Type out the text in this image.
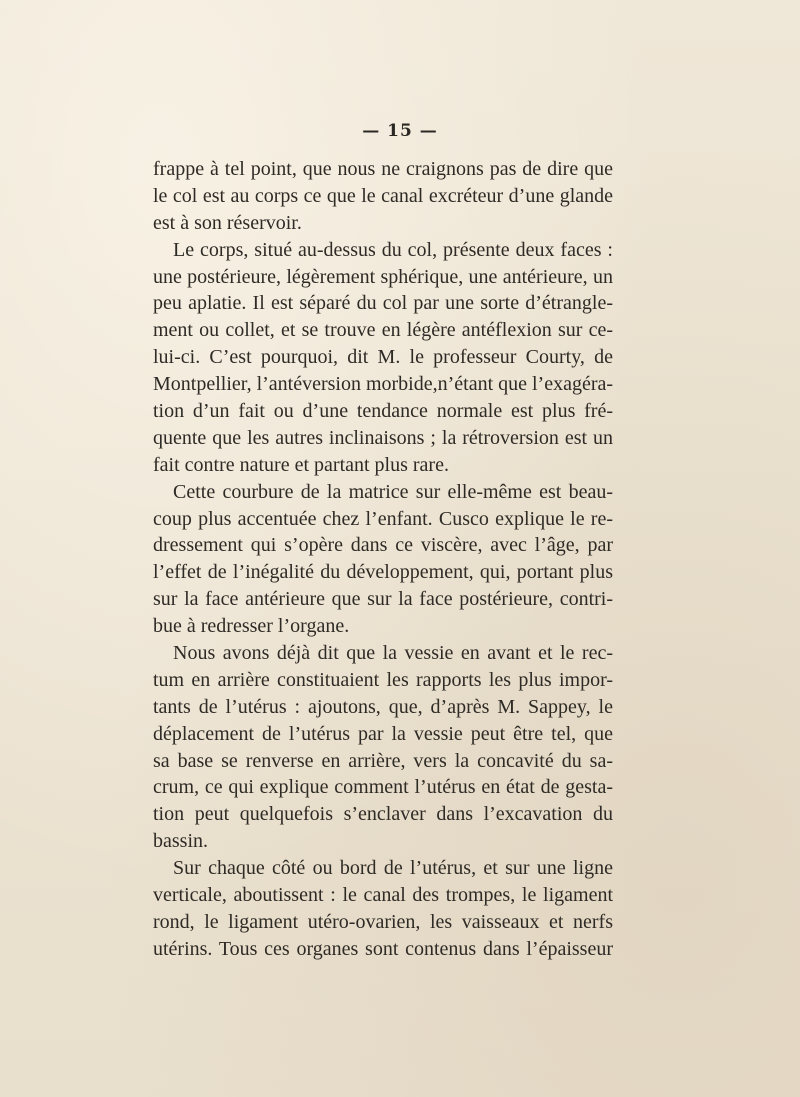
— 15 —
frappe à tel point, que nous ne craignons pas de dire que
le col est au corps ce que le canal excréteur d’une glande
est à son réservoir.
Le corps, situé au-dessus du col, présente deux faces :
une postérieure, légèrement sphérique, une antérieure, un
peu aplatie. Il est séparé du col par une sorte d’étrangle-
ment ou collet, et se trouve en légère antéflexion sur ce-
lui-ci. C’est pourquoi, dit M. le professeur Courty, de
Montpellier, l’antéversion morbide,n’étant que l’exagéra-
tion d’un fait ou d’une tendance normale est plus fré-
quente que les autres inclinaisons ; la rétroversion est un
fait contre nature et partant plus rare.
Cette courbure de la matrice sur elle-même est beau-
coup plus accentuée chez l’enfant. Cusco explique le re-
dressement qui s’opère dans ce viscère, avec l’âge, par
l’effet de l’inégalité du développement, qui, portant plus
sur la face antérieure que sur la face postérieure, contri-
bue à redresser l’organe.
Nous avons déjà dit que la vessie en avant et le rec-
tum en arrière constituaient les rapports les plus impor-
tants de l’utérus : ajoutons, que, d’après M. Sappey, le
déplacement de l’utérus par la vessie peut être tel, que
sa base se renverse en arrière, vers la concavité du sa-
crum, ce qui explique comment l’utérus en état de gesta-
tion peut quelquefois s’enclaver dans l’excavation du
bassin.
Sur chaque côté ou bord de l’utérus, et sur une ligne
verticale, aboutissent : le canal des trompes, le ligament
rond, le ligament utéro-ovarien, les vaisseaux et nerfs
utérins. Tous ces organes sont contenus dans l’épaisseur
